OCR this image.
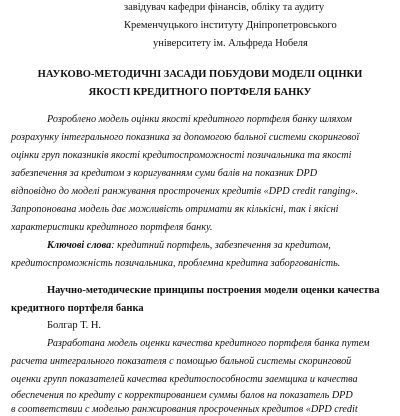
завідувач кафедри фінансів, обліку та аудиту
Кременчуцького інституту Дніпропетровського
університету ім. Альфреда Нобеля
НАУКОВО-МЕТОДИЧНІ ЗАСАДИ ПОБУДОВИ МОДЕЛІ ОЦІНКИ
ЯКОСТІ КРЕДИТНОГО ПОРТФЕЛЯ БАНКУ
Розроблено модель оцінки якості кредитного портфеля банку шляхом
розрахунку інтегрального показника за допомогою бальної системи скорингової
оцінки груп показників якості кредитоспроможності позичальника та якості
забезпечення за кредитом з коригуванням суми балів на показник DPD
відповідно до моделі ранжування прострочених кредитів «DPD credit ranging».
Запропонована модель дає можливість отримати як кількісні, так і якісні
характеристики кредитного портфеля банку.
Ключові слова: кредитний портфель, забезпечення за кредитом,
кредитоспроможність позичальника, проблемна кредитна заборгованість.
Научно-методические принципы построения модели оценки качества
кредитного портфеля банка
Болгар Т. Н.
Разработана модель оценки качества кредитного портфеля банка путем
расчета интегрального показателя с помощью бальной системы скоринговой
оценки групп показателей качества кредитоспособности заемщика и качества
обеспечения по кредиту с корректированием суммы балов на показатель DPD
в соответствии с моделью ранжирования просроченных кредитов «DPD credit
